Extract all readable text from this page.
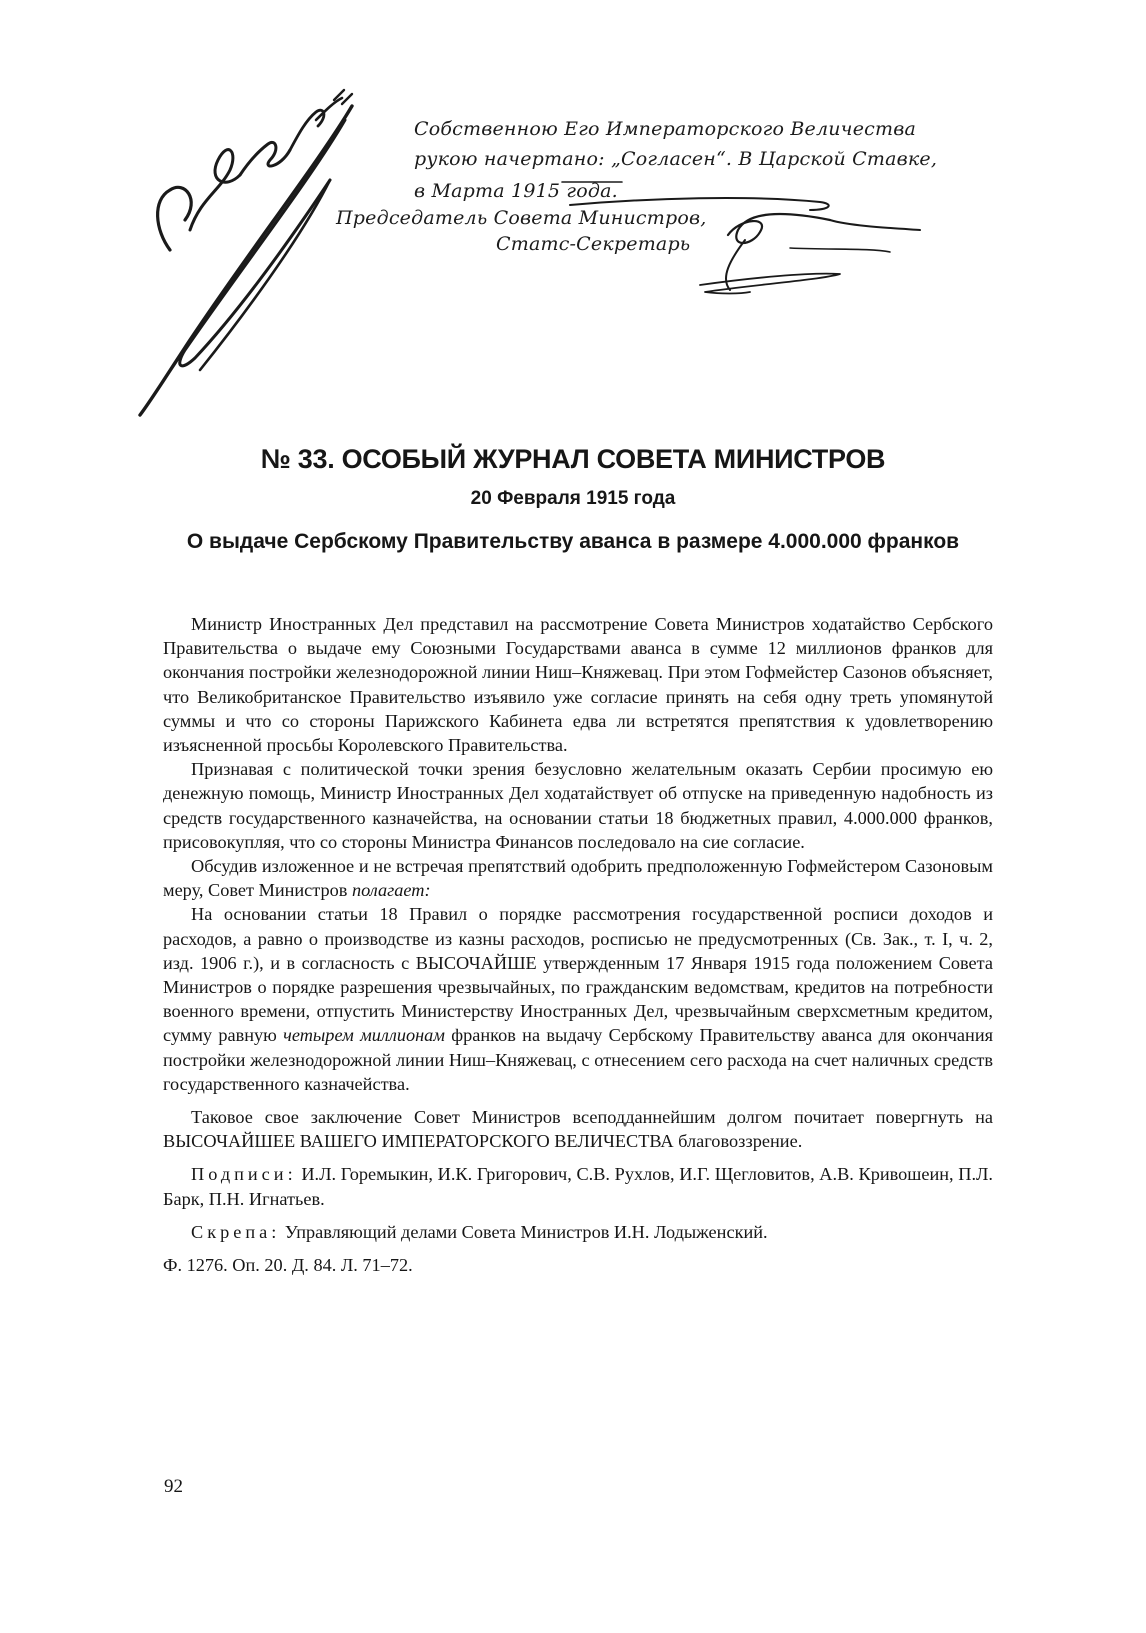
Собственною Его Императорского Величества
рукою начертано: „Согласен“. В Царской Ставке,
в Марта 1915 года.
Председатель Совета Министров,
Статс-Секретарь
№ 33. ОСОБЫЙ ЖУРНАЛ СОВЕТА МИНИСТРОВ
20 Февраля 1915 года
О выдаче Сербскому Правительству аванса в размере 4.000.000 франков

Министр Иностранных Дел представил на рассмотрение Совета Министров ходатайство Сербского Правительства о выдаче ему Союзными Государствами аванса в сумме 12 миллионов франков для окончания постройки железнодорожной линии Ниш–Княжевац. При этом Гофмейстер Сазонов объясняет, что Великобританское Правительство изъявило уже согласие принять на себя одну треть упомянутой суммы и что со стороны Парижского Кабинета едва ли встретятся препятствия к удовлетворению изъясненной просьбы Королевского Правительства.

Признавая с политической точки зрения безусловно желательным оказать Сербии просимую ею денежную помощь, Министр Иностранных Дел ходатайствует об отпуске на приведенную надобность из средств государственного казначейства, на основании статьи 18 бюджетных правил, 4.000.000 франков, присовокупляя, что со стороны Министра Финансов последовало на сие согласие.

Обсудив изложенное и не встречая препятствий одобрить предположенную Гофмейстером Сазоновым меру, Совет Министров полагает:

На основании статьи 18 Правил о порядке рассмотрения государственной росписи доходов и расходов, а равно о производстве из казны расходов, росписью не предусмотренных (Св. Зак., т. I, ч. 2, изд. 1906 г.), и в согласность с ВЫСОЧАЙШЕ утвержденным 17 Января 1915 года положением Совета Министров о порядке разрешения чрезвычайных, по гражданским ведомствам, кредитов на потребности военного времени, отпустить Министерству Иностранных Дел, чрезвычайным сверхсметным кредитом, сумму равную четырем миллионам франков на выдачу Сербскому Правительству аванса для окончания постройки железнодорожной линии Ниш–Княжевац, с отнесением сего расхода на счет наличных средств государственного казначейства.

Таковое свое заключение Совет Министров всеподданнейшим долгом почитает повергнуть на ВЫСОЧАЙШЕЕ ВАШЕГО ИМПЕРАТОРСКОГО ВЕЛИЧЕСТВА благовоззрение.

Подписи: И.Л. Горемыкин, И.К. Григорович, С.В. Рухлов, И.Г. Щегловитов, А.В. Кривошеин, П.Л. Барк, П.Н. Игнатьев.

Скрепа: Управляющий делами Совета Министров И.Н. Лодыженский.

Ф. 1276. Оп. 20. Д. 84. Л. 71–72.

92
